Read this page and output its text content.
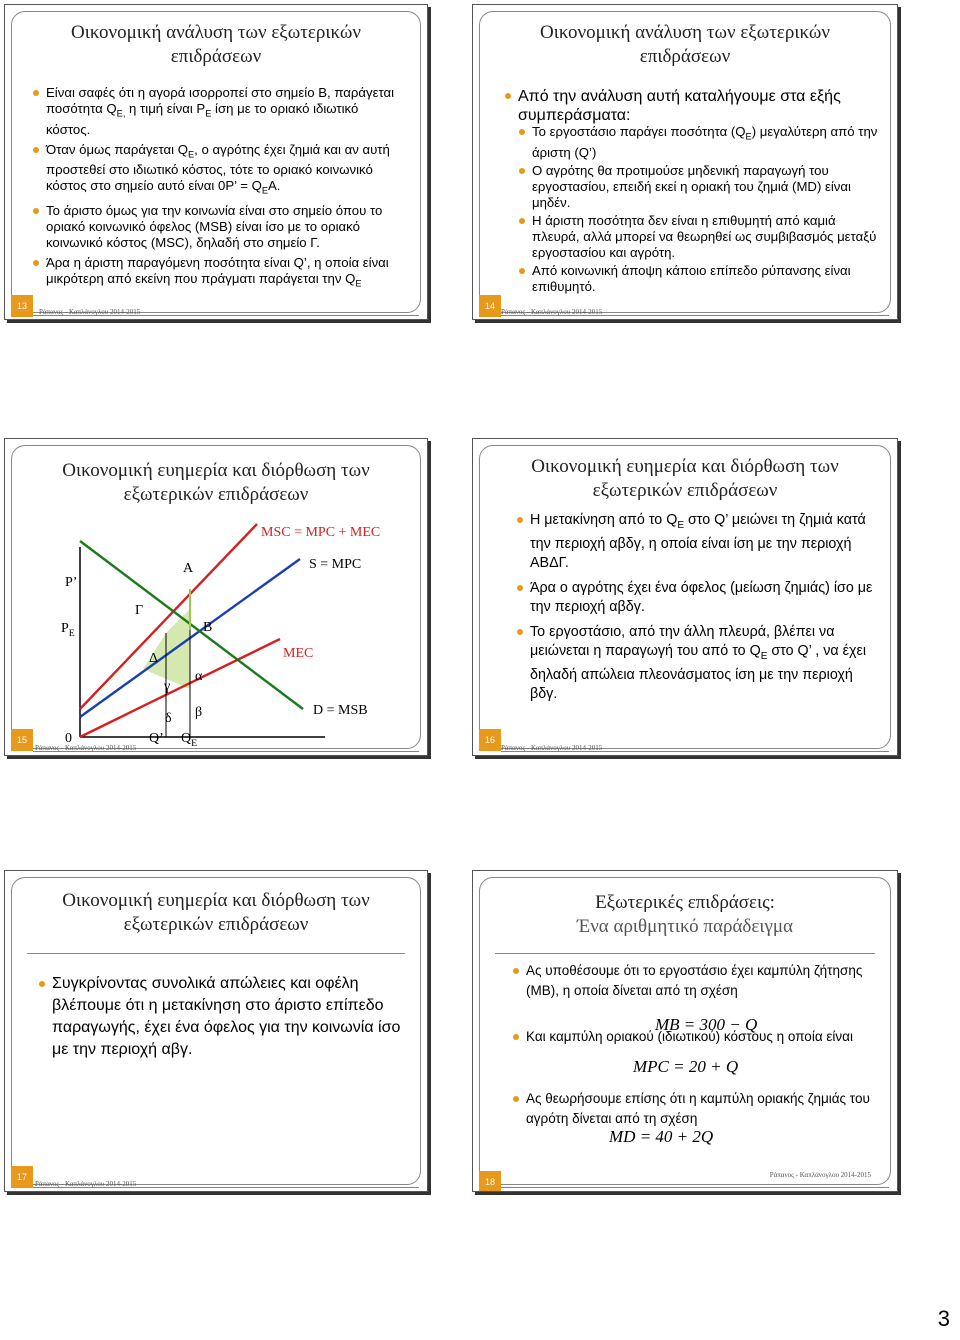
Οικονομική ανάλυση των εξωτερικών
επιδράσεων
Είναι σαφές ότι η αγορά ισορροπεί στο σημείο Β, παράγεται ποσότητα $Q_{E,}$ η τιμή είναι $P_E$ ίση με το οριακό ιδιωτικό κόστος.
Όταν όμως παράγεται $Q_E$, ο αγρότης έχει ζημιά και αν αυτή προστεθεί στο ιδιωτικό κόστος, τότε το οριακό κοινωνικό κόστος στο σημείο αυτό είναι 0P’ = $Q_EA$.
Το άριστο όμως για την κοινωνία είναι στο σημείο όπου το οριακό κοινωνικό όφελος (MSB) είναι ίσο με το οριακό κοινωνικό κόστος (MSC), δηλαδή στο σημείο Γ.
Άρα η άριστη παραγόμενη ποσότητα είναι Q’, η οποία είναι μικρότερη από εκείνη που πράγματι παράγεται την $Q_E$
13
Ράπανος - Καπλάνογλου 2014-2015
Οικονομική ανάλυση των εξωτερικών
επιδράσεων
Από την ανάλυση αυτή καταλήγουμε στα εξής συμπεράσματα:
Το εργοστάσιο παράγει ποσότητα $(Q_E)$ μεγαλύτερη από την άριστη (Q’)
Ο αγρότης θα προτιμούσε μηδενική παραγωγή του εργοστασίου, επειδή εκεί η οριακή του ζημιά (MD) είναι μηδέν.
Η άριστη ποσότητα δεν είναι η επιθυμητή από καμιά πλευρά, αλλά μπορεί να θεωρηθεί ως συμβιβασμός μεταξύ εργοστασίου και αγρότη.
Από κοινωνική άποψη κάποιο επίπεδο ρύπανσης είναι επιθυμητό.
14
Ράπανος - Καπλάνογλου 2014-2015
Οικονομική ευημερία και διόρθωση των
εξωτερικών επιδράσεων
MSC = MPC + MEC
S = MPC
MEC
D = MSB
P’
$P_E$
0	Q’ $Q_E$
A
B
Γ
Δ
γ
α
δ β
15
Ράπανος - Καπλάνογλου 2014-2015
Οικονομική ευημερία και διόρθωση των
εξωτερικών επιδράσεων
Η μετακίνηση από το $Q_E$ στο Q’ μειώνει τη ζημιά κατά την περιοχή αβδγ, η οποία είναι ίση με την περιοχή ΑΒΔΓ.
Άρα ο αγρότης έχει ένα όφελος (μείωση ζημιάς) ίσο με την περιοχή αβδγ.
Το εργοστάσιο, από την άλλη πλευρά, βλέπει να μειώνεται η παραγωγή του από το $Q_E$ στο Q’ , να έχει δηλαδή απώλεια πλεονάσματος ίση με την περιοχή βδγ.
16
Ράπανος - Καπλάνογλου 2014-2015
Οικονομική ευημερία και διόρθωση των
εξωτερικών επιδράσεων
Συγκρίνοντας συνολικά απώλειες και οφέλη βλέπουμε ότι η μετακίνηση στο άριστο επίπεδο παραγωγής, έχει ένα όφελος για την κοινωνία ίσο με την περιοχή αβγ.
17
Ράπανος - Καπλάνογλου 2014-2015
Εξωτερικές επιδράσεις:
Ένα αριθμητικό παράδειγμα
Ας υποθέσουμε ότι το εργοστάσιο έχει καμπύλη ζήτησης (MB), η οποία δίνεται από τη σχέση
MB = 300 − Q
Και καμπύλη οριακού (ιδιωτικού) κόστους η οποία είναι
MPC = 20 + Q
Ας θεωρήσουμε επίσης ότι η καμπύλη οριακής ζημιάς του αγρότη δίνεται από τη σχέση
MD = 40 + 2Q
18
Ράπανος - Καπλάνογλου 2014-2015
3
